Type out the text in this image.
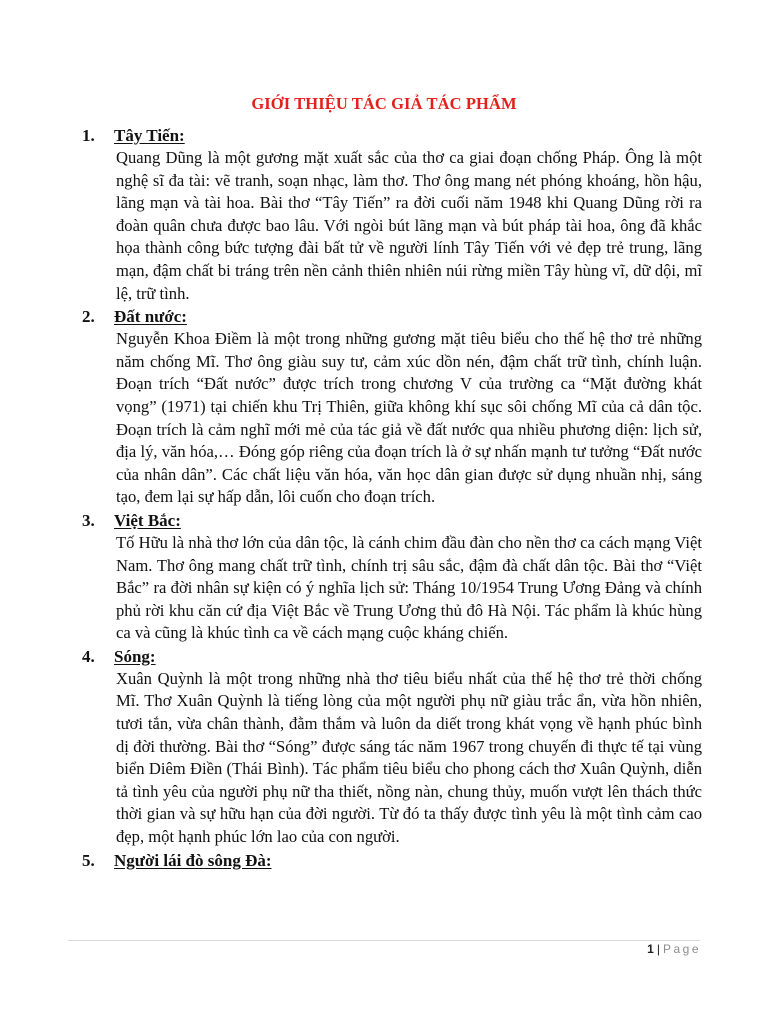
GIỚI THIỆU TÁC GIẢ TÁC PHẨM
1.	Tây Tiến:

Quang Dũng là một gương mặt xuất sắc của thơ ca giai đoạn chống Pháp. Ông là một nghệ sĩ đa tài: vẽ tranh, soạn nhạc, làm thơ. Thơ ông mang nét phóng khoáng, hồn hậu, lãng mạn và tài hoa. Bài thơ “Tây Tiến” ra đời cuối năm 1948 khi Quang Dũng rời ra đoàn quân chưa được bao lâu. Với ngòi bút lãng mạn và bút pháp tài hoa, ông đã khắc họa thành công bức tượng đài bất tử về người lính Tây Tiến với vẻ đẹp trẻ trung, lãng mạn, đậm chất bi tráng trên nền cảnh thiên nhiên núi rừng miền Tây hùng vĩ, dữ dội, mĩ lệ, trữ tình.

2.	Đất nước:

Nguyễn Khoa Điềm là một trong những gương mặt tiêu biểu cho thế hệ thơ trẻ những năm chống Mĩ. Thơ ông giàu suy tư, cảm xúc dồn nén, đậm chất trữ tình, chính luận. Đoạn trích “Đất nước” được trích trong chương V của trường ca “Mặt đường khát vọng” (1971) tại chiến khu Trị Thiên, giữa không khí sục sôi chống Mĩ của cả dân tộc. Đoạn trích là cảm nghĩ mới mẻ của tác giả về đất nước qua nhiều phương diện: lịch sử, địa lý, văn hóa,… Đóng góp riêng của đoạn trích là ở sự nhấn mạnh tư tưởng “Đất nước của nhân dân”. Các chất liệu văn hóa, văn học dân gian được sử dụng nhuần nhị, sáng tạo, đem lại sự hấp dẫn, lôi cuốn cho đoạn trích.

3.	Việt Bắc:

Tố Hữu là nhà thơ lớn của dân tộc, là cánh chim đầu đàn cho nền thơ ca cách mạng Việt Nam. Thơ ông mang chất trữ tình, chính trị sâu sắc, đậm đà chất dân tộc. Bài thơ “Việt Bắc” ra đời nhân sự kiện có ý nghĩa lịch sử: Tháng 10/1954 Trung Ương Đảng và chính phủ rời khu căn cứ địa Việt Bắc về Trung Ương thủ đô Hà Nội. Tác phẩm là khúc hùng ca và cũng là khúc tình ca về cách mạng cuộc kháng chiến.

4.	Sóng:

Xuân Quỳnh là một trong những nhà thơ tiêu biểu nhất của thế hệ thơ trẻ thời chống Mĩ. Thơ Xuân Quỳnh là tiếng lòng của một người phụ nữ giàu trắc ẩn, vừa hồn nhiên, tươi tắn, vừa chân thành, đằm thắm và luôn da diết trong khát vọng về hạnh phúc bình dị đời thường. Bài thơ “Sóng” được sáng tác năm 1967 trong chuyến đi thực tế tại vùng biển Diêm Điền (Thái Bình). Tác phẩm tiêu biểu cho phong cách thơ Xuân Quỳnh, diễn tả tình yêu của người phụ nữ tha thiết, nồng nàn, chung thủy, muốn vượt lên thách thức thời gian và sự hữu hạn của đời người. Từ đó ta thấy được tình yêu là một tình cảm cao đẹp, một hạnh phúc lớn lao của con người.

5.	Người lái đò sông Đà:
1 | Page
